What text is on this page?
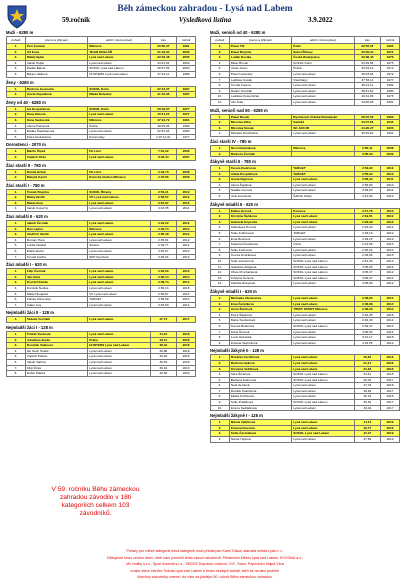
Běh zámeckou zahradou - Lysá nad Labem
59.ročník	Výsledková listina	3.9.2022
Muži - 6280 m
pořadí	jméno a příjmení	oddíl / místo (obec)	čas	ročník
1.	Petr Zoubek	Milovice	30:55,37	1981
2.	Vít Koza	TEAM OCELÁŘ	31:34,94	2000
3.	Matěj Hejlar	Lysá nad Labem	32:18,48	2006
4.	Jakub Hejlar	Lysá nad Labem	34:21,94	2003
5.	Radek Balcar	SOKOL Lysá nad Labem	36:57,55	2003
6.	Bárjen Valkova	HUNTERS Lysá nad Labem	37:16,11	1988
Ženy - 6280 m
1.	Barbora Jesenská	SOKOL Kolín	37:13,37	1997
2.	Aneta Zapadlová	Mladá Boleslav	41:01,93	1997
Ženy od 40 - 6280 m
1.	Iva Kropáčková	SOKOL Kolín	30:42,97	1977
2.	Ilona Srbová	Lysá nad Labem	40:11,24	1977
3.	Ilona Sadovská	Milovice	47:24,72	1981
4.	Alena Preissová	Praha	48:05,25	1980
5.	Radka Šťastňanová	Lysá nad Labem	52:51,46	1980
6.	Petra Nedvědová	Kostomlaty	1:07:11,91	1977
Dorostenci - 2070 m
1.	Martin Šípek	FK Litol	7:01,22	2006
2.	Vojtěch Orda	Lysá nad Labem	8:03,44	2007
Žáci starší II - 780 m
1.	Daniel Hrbek	FK Litol	2:33,73	2008
2.	Matyáš Kynčl	Kunický triatlon Milovice	2:45,86	2009
Žáci starší I - 780 m
1.	Tomáš Brejcha	SOKOL Říčany	2:53,21	2010
2.	Matěj Vavřík	VK Lysá nad Labem	2:53,67	2010
3.	Matěj Hora	Lysá nad Labem	3:10,97	2010
4.	Jakub Kopečný	Lysá nad Labem	3:43,35	2011
Žáci mladší II - 620 m
1.	Jakub Čermák	Lysá nad Labem	2:22,22	2012
2.	Dan Lapter	Milovice	2:34,74	2012
3.	Jindřich Vavřík	Lysá nad Labem	2:35,49	2012
4.	Roman Hora	Lysá nad Labem	2:35,81	2012
5.	Lukáš Opletal	Stratov	2:36,77	2012
6.	Patrik Zerba	Lysá nad Labem	2:45,97	2012
7.	Tomáš Cácha	SKP Nymburk	3:25,34	2013
Žáci mladší I - 620 m
1.	Filip Čermák	Lysá nad Labem	2:29,60	2015
2.	Jan Hora	Lysá nad Labem	2:30,14	2014
3.	Kryštof Kazda	Lysá nad Labem	2:39,74	2014
4.	Dominik Šediva	Lysá nad Labem	2:56,13	2015
5.	Matěj Hnojaček	VK Lysá nad Labem	2:56,87	2014
6.	Václav Klimentek	TARGET	2:59,99	2014
7.	Adam Lisý	Lysá nad Labem	3:45,50	2014
Nejmladší žáci II - 128 m
1.	Tadeáš Voršilek	Lysá nad Labem	27,74	2017
Nejmladší žáci I - 128 m
1.	Tobiáš Svoboda	Lysá nad Labem	24,24	2018
2.	Jonathan Zerda	Praha	26,11	2018
3.	Dominik Vatkovec	HUNTERS Lysá nad Labem	28,42	2018
4.	Ian Sech Svatík	Lysá nad Labem	30,88	2018
5.	Vojtěch Palček	Lysá nad Labem	30,40	2018
6.	Jakub Vaňkov	Lysá nad Labem	36,49	2018
7.	Filip Čiček	Lysá nad Labem	36,42	2019
8.	Robin Ptáček	Lysá nad Labem	40,66	2020
Muži, senioři od 40 - 6280 m
pořadí	jméno a příjmení	oddíl / místo (obec)	čas	ročník
1.	Pavel Tlil	Kolín	32:52,52	1983
2.	Pavel Brejcha	Sokol Říčany	33:29,34	1975
3.	Luděk Kostka	České Budějovice	33:38,45	1976
4.	Milan Říman	SOKOL Kolín	33:49,58	1975
5.	Josef Jesen	Praha	33:53,14	1974
6.	Pavel Lazanský	Lysá nad Labem	36:03,84	1972
7.	Ladislav Cesák	Všechlapy	37:53,11	1977
8.	Tomáš Kučera	Lysá nad Labem	38:13,14	1982
9.	Radim Vondrák	Lysá nad Labem	38:41,62	1980
10.	Ladislav Kostelníček	Lysá nad Labem	40:44,06	1976
11.	Jan Tolar	Lysá nad Labem	44:06,03	1981
Muži, senioři nad 60 - 6280 m
1.	Pavel Dusek	Rychlonoh Orlické Brandýsko	36:57,52	1960
2.	Miroslav Ríha	Sadská	43:27,81	1945
3.	Miroslav Novák	SK JAKUB	44:26,27	1953
4.	Miloslav Procházka	Lysá nad Labem	49:29,62	1961
Žáci starší IV - 780 m
1.	Nicol Doležalová	Milovice	2:50,41	2008
2.	Barbora Čermák		3:05,03	2009
Žákyně starší II - 780 m
1.	Tereza Kudrnová	TARGET	2:53,90	2010
2.	Adéla Pospíšilová	TARGET	2:55,93	2010
3.	Aneta Nygrová	Lysá nad Labem	2:56,22	2011
4.	Alena Šejdlová	Lysá nad Labem	2:58,80	2010
5.	Natálie Cucová	Lysá nad Labem	3:06,60	2011
6.	Julie Dvoracek	ŠAKAL Kbely	3:12,60	2010
Žákyně mladší II - 620 m
1.	Eliška Horová	Kounice	2:17,76	2013
2.	Kristýna Šplíková	Lysá nad Labem	2:19,51	2012
3.	Gabriela Kopecká	Lysá nad Labem	2:23,09	2013
4.	Stanislava Horová	Lysá nad Labem	2:26,20	2012
5.	Sofie Kuthanová	TARGET	2:28,19	2012
6.	Ema Bednová	Lysá nad Labem	2:29,23	2012
7.	Kateřina Čečetková	Ostrá	2:31,56	2013
8.	Sofie Kučerová	Lysá nad Labem	2:35,34	2013
9.	Tereza Dvořáková	Lysá nad Labem	2:38,05	2013
10.	Sofie Lehnerová	SOKOL Lysá nad Labem	2:51,34	2013
11.	Isabella Lichtigová	SOKOL Lysá nad Labem	3:05,09	2012
12.	Olivie Prochazková	SOKOL Lysá nad Labem	3:05,37	2012
13.	Kristýna Sonová	SOKOL Lysá nad Labem	3:05,37	2012
14.	Zdeňka Rokytová	Lysá nad Labem	3:05,80	2012
Žákyně mladší I - 620 m
1.	Michaela Zboženová	Lysá nad Labem	2:36,80	2014
2.	Ema Čečetková	Lysá nad Labem	2:36,88	2014
3.	Anna Šmídová	TWIST SPORT Milovice	2:36,90	2014
4.	Petra Šlapková	Lysá nad Labem	2:40,35	2015
5.	Marie Svobodová	Lysá nad Labem	2:46,30	2014
6.	Tereza Bobelová	SOKOL Lysá nad Labem	2:49,47	2014
7.	Anna Šímová	Lysá nad Labem	3:00,99	2014
8.	Lucie Nebeská	Lysá nad Labem	3:01,17	2015
9.	Zuzana Vavřínková	Lysá nad Labem	3:34,35	2014
Nejmladší žákyně II - 128 m
1.	Rozárka Voršilková	Lysá nad Labem	20,84	2016
2.	Barbora Hejlová	Lysá nad Labem	21,14	2016
3.	Kristýna Valíčková	Lysá nad Labem	21,63	2016
4.	Sára Šimková	SOKOL Lysá nad Labem	24,61	2016
5.	Barbora Kudrnová	SOKOL Lysá nad Labem	26,04	2017
6.	Nela Zerdová	Lysá nad Labem	27,03	2016
7.	Rozálie Palečková	Lysá nad Labem	28,84	2017
8.	Eliška Kořínková	Lysá nad Labem	30,19	2016
9.	Sofie Poláčková	SOKOL Lysá nad Labem	30,62	2017
10.	Emma Sedláčková	Lysá nad Labem	33,04	2017
Nejmladší žákyně I - 128 m
1.	Nikola Valíčková	Lysá nad Labem	14,14	2019
2.	Zuzana Novotná	Lysá nad Labem	46,77	2019
3.	Sofie Čermáková	SOKOL Lysá nad Labem	47,27	2019
4.	Nicole Hejlová	Lysá nad Labem	47,69	2019
V 59. ročníku Běhu zámeckou zahradou závodilo v 18ti kategoriích celkem 103 závodníků.
Poháry pro vítěze kategorie žena kategorie muži předal pan Karel Otava, starosta města Lysá n. L.
Děkujeme touto cestou všem, kteří nám pomohli tento závod uskutečnit. Především Městu Lysá nad Labem, KOVONA a.s.,
MV reality s.r.o., Sport Arsenal s.r.o., SEDOZ Dopravní značení, O.K. Trans, Papírnictví Hajná Věra
a také všem členům Sokola Lysá nad Labem a Klubu českých turistů, kteří se na akci podíleli.
Všechny závodníky zveme i do roku na jubilejní 60. ročník Běhu zámeckou zahradou.
